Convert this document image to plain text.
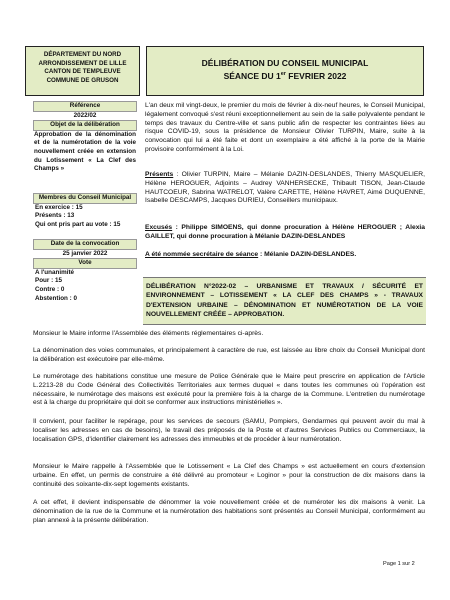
DÉPARTEMENT DU NORD
ARRONDISSEMENT DE LILLE
CANTON DE TEMPLEUVE
COMMUNE DE GRUSON
DÉLIBÉRATION DU CONSEIL MUNICIPAL
SÉANCE DU 1er FEVRIER 2022
Référence
2022/02
Objet de la délibération
Approbation de la dénomination et de la numérotation de la voie nouvellement créée en extension du Lotissement « La Clef des Champs »
Membres du Conseil Municipal
En exercice : 15
Présents : 13
Qui ont pris part au vote : 15
Date de la convocation
25 janvier 2022
Vote
A l'unanimité
Pour : 15
Contre : 0
Abstention : 0
L'an deux mil vingt-deux, le premier du mois de février à dix-neuf heures, le Conseil Municipal, légalement convoqué s'est réuni exceptionnellement au sein de la salle polyvalente pendant le temps des travaux du Centre-ville et sans public afin de respecter les contraintes liées au risque COVID-19, sous la présidence de Monsieur Olivier TURPIN, Maire, suite à la convocation qui lui a été faite et dont un exemplaire a été affiché à la porte de la Mairie provisoire conformément à la Loi.
Présents : Olivier TURPIN, Maire – Mélanie DAZIN-DESLANDES, Thierry MASQUELIER, Hélène HEROGUER, Adjoints – Audrey VANHERSECKE, Thibault TISON, Jean-Claude HAUTCOEUR, Sabrina WATRELOT, Valère CARETTE, Hélène HAVRET, Aimé DUQUENNE, Isabelle DESCAMPS, Jacques DURIEU, Conseillers municipaux.
Excusés : Philippe SIMOENS, qui donne procuration à Hélène HEROGUER ; Alexia GAILLET, qui donne procuration à Mélanie DAZIN-DESLANDES
A été nommée secrétaire de séance : Mélanie DAZIN-DESLANDES.
DÉLIBÉRATION N°2022-02 – URBANISME ET TRAVAUX / SÉCURITÉ ET ENVIRONNEMENT – LOTISSEMENT « LA CLEF DES CHAMPS » - TRAVAUX D'EXTENSION URBAINE – DÉNOMINATION ET NUMÉROTATION DE LA VOIE NOUVELLEMENT CRÉÉE – APPROBATION.
Monsieur le Maire informe l'Assemblée des éléments réglementaires ci-après.
La dénomination des voies communales, et principalement à caractère de rue, est laissée au libre choix du Conseil Municipal dont la délibération est exécutoire par elle-même.
Le numérotage des habitations constitue une mesure de Police Générale que le Maire peut prescrire en application de l'Article L.2213-28 du Code Général des Collectivités Territoriales aux termes duquel « dans toutes les communes où l'opération est nécessaire, le numérotage des maisons est exécuté pour la première fois à la charge de la Commune. L'entretien du numérotage est à la charge du propriétaire qui doit se conformer aux instructions ministérielles ».
Il convient, pour faciliter le repérage, pour les services de secours (SAMU, Pompiers, Gendarmes qui peuvent avoir du mal à localiser les adresses en cas de besoins), le travail des préposés de la Poste et d'autres Services Publics ou Commerciaux, la localisation GPS, d'identifier clairement les adresses des immeubles et de procéder à leur numérotation.
Monsieur le Maire rappelle à l'Assemblée que le Lotissement « La Clef des Champs » est actuellement en cours d'extension urbaine. En effet, un permis de construire a été délivré au promoteur « Loginor » pour la construction de dix maisons dans la continuité des soixante-dix-sept logements existants.
A cet effet, il devient indispensable de dénommer la voie nouvellement créée et de numéroter les dix maisons à venir. La dénomination de la rue de la Commune et la numérotation des habitations sont présentés au Conseil Municipal, conformément au plan annexé à la présente délibération.
Page 1 sur 2
